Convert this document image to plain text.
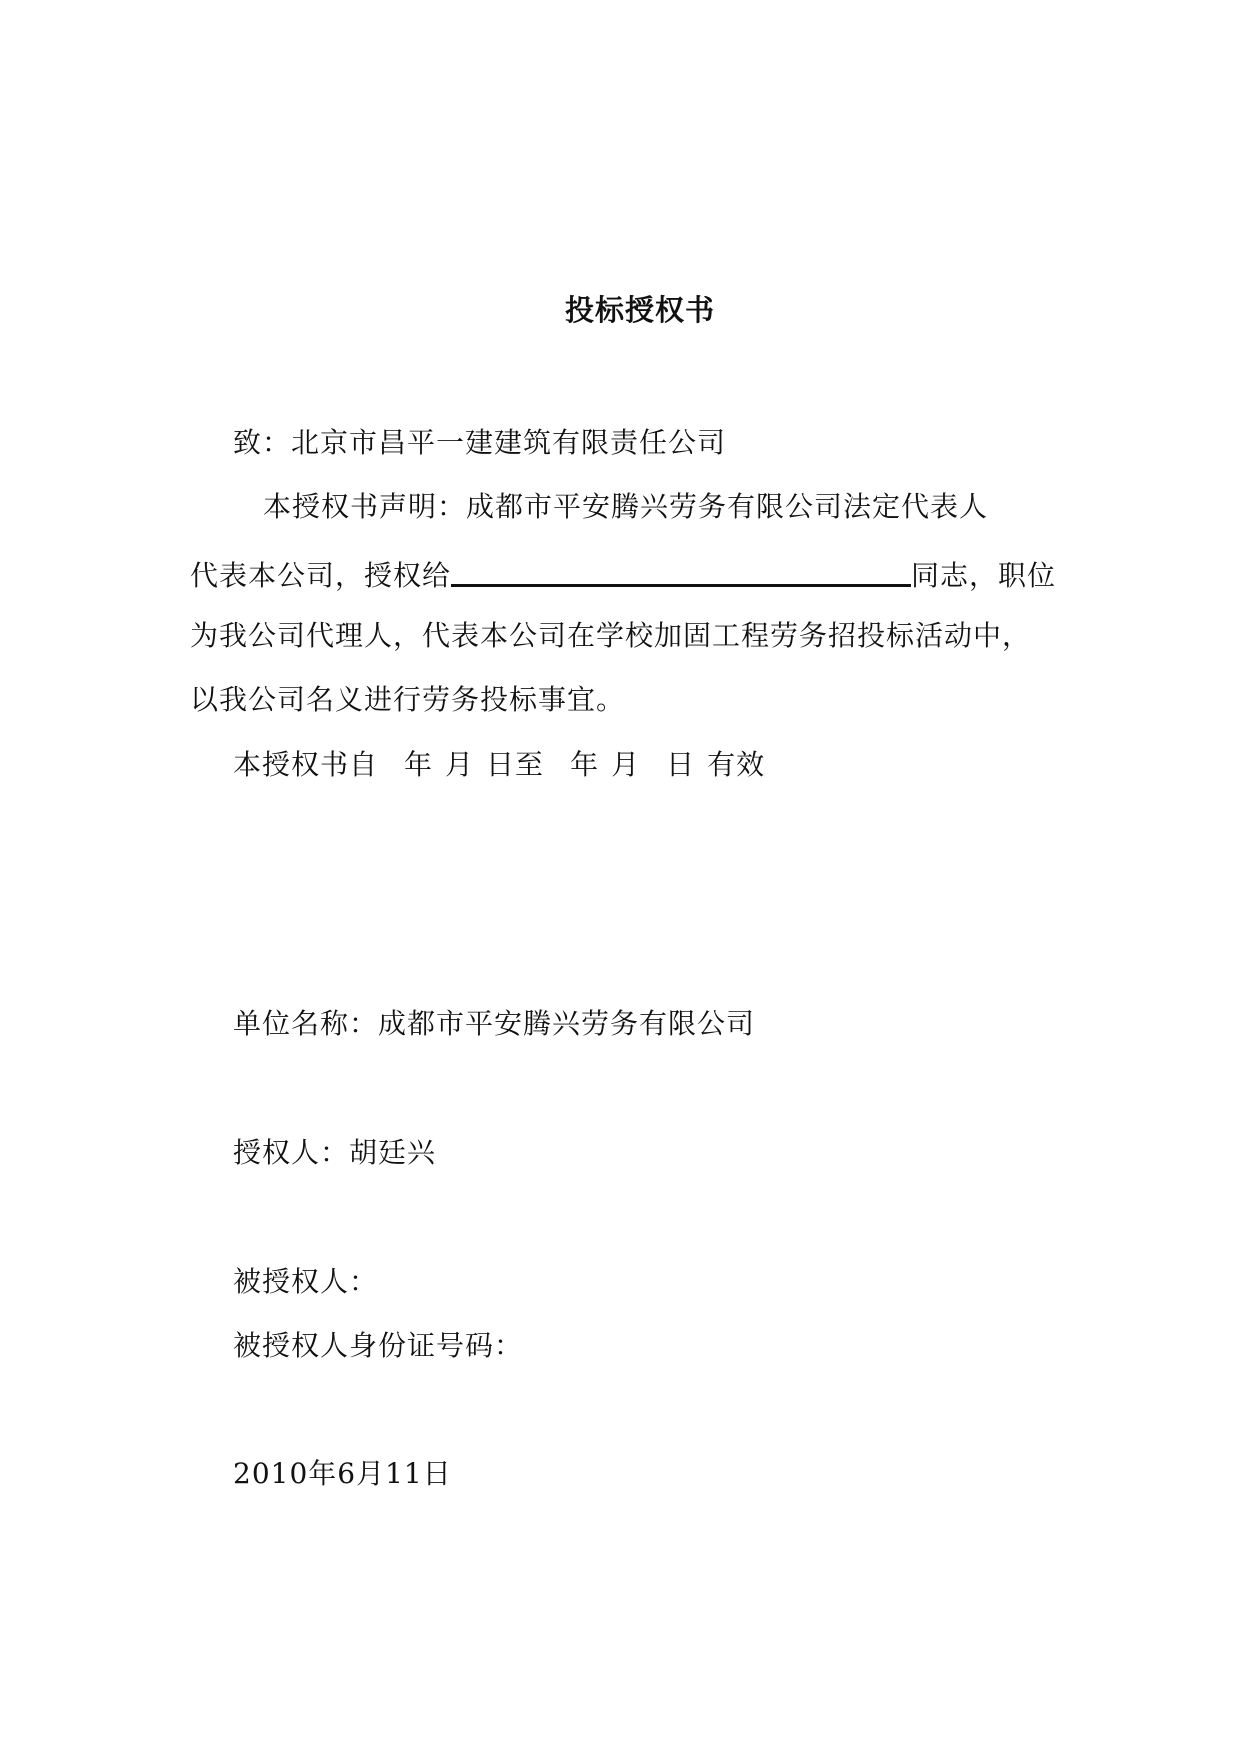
投标授权书
致：北京市昌平一建建筑有限责任公司
本授权书声明：成都市平安腾兴劳务有限公司法定代表人
代表本公司，授权给	同志，职位
为我公司代理人，代表本公司在学校加固工程劳务招投标活动中，
以我公司名义进行劳务投标事宜。
本授权书自 年 月 日至 年 月 日 有效
单位名称：成都市平安腾兴劳务有限公司
授权人：胡廷兴
被授权人：
被授权人身份证号码：
2010年6月11日
